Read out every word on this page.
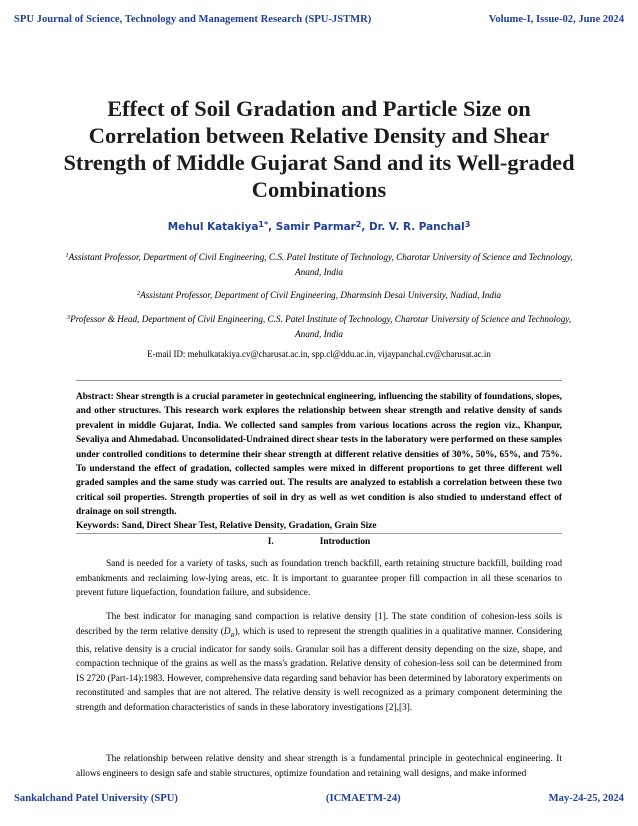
SPU Journal of Science, Technology and Management Research (SPU-JSTMR)	Volume-I, Issue-02, June 2024
Effect of Soil Gradation and Particle Size on Correlation between Relative Density and Shear Strength of Middle Gujarat Sand and its Well-graded Combinations
Mehul Katakiya$^{1*}$, Samir Parmar$^2$, Dr. V. R. Panchal$^3$
$^1$Assistant Professor, Department of Civil Engineering, C.S. Patel Institute of Technology, Charotar University of Science and Technology, Anand, India
$^2$Assistant Professor, Department of Civil Engineering, Dharmsinh Desai University, Nadiad, India
$^3$Professor & Head, Department of Civil Engineering, C.S. Patel Institute of Technology, Charotar University of Science and Technology, Anand, India
E-mail ID: mehulkatakiya.cv@charusat.ac.in, spp.cl@ddu.ac.in, vijaypanchal.cv@charusat.ac.in
Abstract: Shear strength is a crucial parameter in geotechnical engineering, influencing the stability of foundations, slopes, and other structures. This research work explores the relationship between shear strength and relative density of sands prevalent in middle Gujarat, India. We collected sand samples from various locations across the region viz., Khanpur, Sevaliya and Ahmedabad. Unconsolidated-Undrained direct shear tests in the laboratory were performed on these samples under controlled conditions to determine their shear strength at different relative densities of 30%, 50%, 65%, and 75%. To understand the effect of gradation, collected samples were mixed in different proportions to get three different well graded samples and the same study was carried out. The results are analyzed to establish a correlation between these two critical soil properties. Strength properties of soil in dry as well as wet condition is also studied to understand effect of drainage on soil strength.
Keywords: Sand, Direct Shear Test, Relative Density, Gradation, Grain Size
I.	Introduction

Sand is needed for a variety of tasks, such as foundation trench backfill, earth retaining structure backfill, building road embankments and reclaiming low-lying areas, etc. It is important to guarantee proper fill compaction in all these scenarios to prevent future liquefaction, foundation failure, and subsidence.

The best indicator for managing sand compaction is relative density [1]. The state condition of cohesion-less soils is described by the term relative density $(D_R)$, which is used to represent the strength qualities in a qualitative manner. Considering this, relative density is a crucial indicator for sandy soils. Granular soil has a different density depending on the size, shape, and compaction technique of the grains as well as the mass's gradation. Relative density of cohesion-less soil can be determined from IS 2720 (Part-14):1983. However, comprehensive data regarding sand behavior has been determined by laboratory experiments on reconstituted and samples that are not altered. The relative density is well recognized as a primary component determining the strength and deformation characteristics of sands in these laboratory investigations [2],[3].

The relationship between relative density and shear strength is a fundamental principle in geotechnical engineering. It allows engineers to design safe and stable structures, optimize foundation and retaining wall designs, and make informed

Sankalchand Patel University (SPU)	(ICMAETM-24)	May-24-25, 2024
